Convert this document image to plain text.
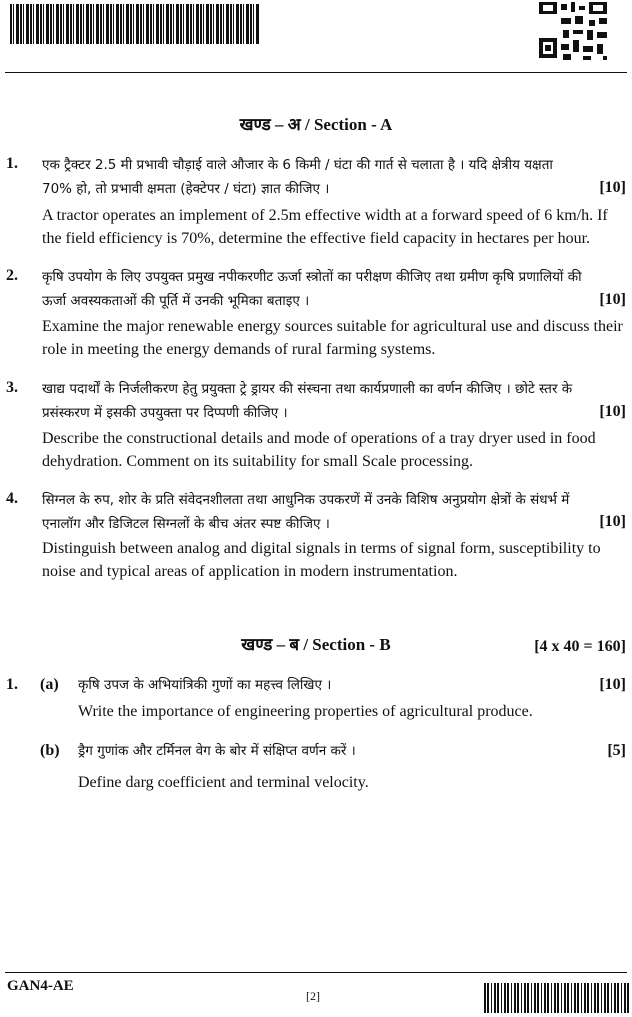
खण्ड – अ / Section - A
1. एक ट्रैक्टर 2.5 मी प्रभावी चौड़ाई वाले औजार के 6 किमी / घंटा की गार्त से चलाता है । यदि क्षेत्रीय यक्षता 70% हो, तो प्रभावी क्षमता (हेक्टेपर / घंटा) ज्ञात कीजिए ।	[10]
A tractor operates an implement of 2.5m effective width at a forward speed of 6 km/h. If the field efficiency is 70%, determine the effective field capacity in hectares per hour.
2. कृषि उपयोग के लिए उपयुक्त प्रमुख नपीकरणीट ऊर्जा स्त्रोतों का परीक्षण कीजिए तथा ग्रमीण कृषि प्रणालियों की ऊर्जा अवस्यकताओं की पूर्ति में उनकी भूमिका बताइए ।	[10]
Examine the major renewable energy sources suitable for agricultural use and discuss their role in meeting the energy demands of rural farming systems.
3. खाद्य पदार्थों के निर्जलीकरण हेतु प्रयुक्ता ट्रे ड्रायर की संस्चना तथा कार्यप्रणाली का वर्णन कीजिए । छोटे स्तर के प्रसंस्करण में इसकी उपयुक्ता पर दिप्पणी कीजिए ।	[10]
Describe the constructional details and mode of operations of a tray dryer used in food dehydration. Comment on its suitability for small Scale processing.
4. सिग्नल के रुप, शोर के प्रति संवेदनशीलता तथा आधुनिक उपकरणें में उनके विशिष अनुप्रयोग क्षेत्रों के संधर्भ में एनालॉग और डिजिटल सिग्नलों के बीच अंतर स्पष्ट कीजिए ।	[10]
Distinguish between analog and digital signals in terms of signal form, susceptibility to noise and typical areas of application in modern instrumentation.
खण्ड – ब / Section - B	[4 x 40 = 160]
1. (a) कृषि उपज के अभियांत्रिकी गुणों का महत्त्व लिखिए ।	[10]
Write the importance of engineering properties of agricultural produce.
(b) ड्रैग गुणांक और टर्मिनल वेग के बोर में संक्षिप्त वर्णन करें ।	[5]
Define darg coefficient and terminal velocity.
GAN4-AE
[2]
